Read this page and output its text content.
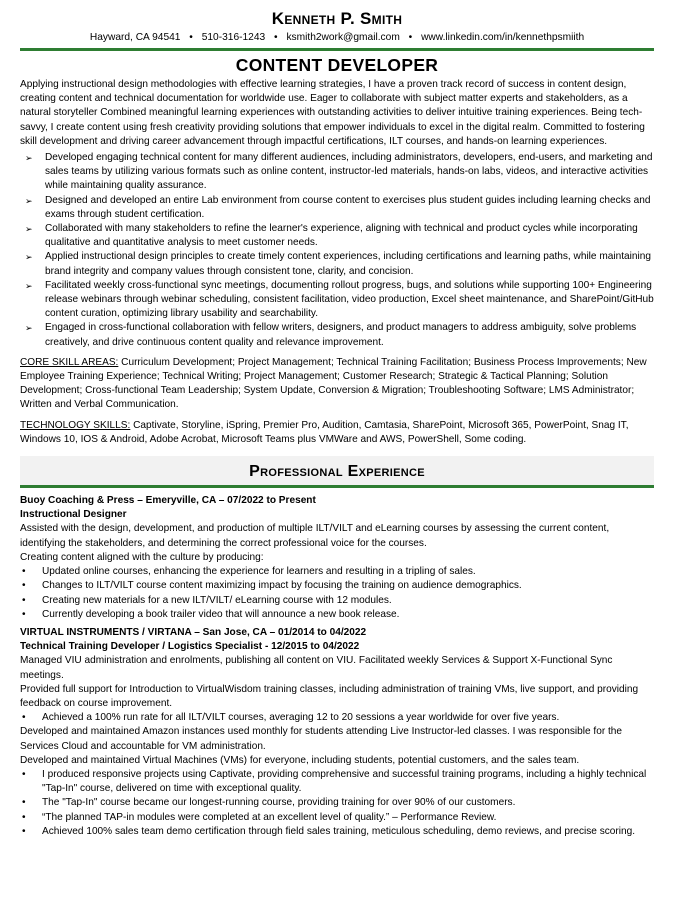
Kenneth P. Smith
Hayward, CA 94541 • 510-316-1243 • ksmith2work@gmail.com • www.linkedin.com/in/kennethpsmiith
CONTENT DEVELOPER
Applying instructional design methodologies with effective learning strategies, I have a proven track record of success in content design, creating content and technical documentation for worldwide use. Eager to collaborate with subject matter experts and stakeholders, as a natural storyteller Combined meaningful learning experiences with outstanding activities to deliver intuitive training experiences. Being tech-savvy, I create content using fresh creativity providing solutions that empower individuals to excel in the digital realm. Committed to fostering skill development and driving career advancement through impactful certifications, ILT courses, and hands-on learning experiences.
➢ Developed engaging technical content for many different audiences, including administrators, developers, end-users, and marketing and sales teams by utilizing various formats such as online content, instructor-led materials, hands-on labs, videos, and interactive activities while maintaining quality assurance.
➢ Designed and developed an entire Lab environment from course content to exercises plus student guides including learning checks and exams through student certification.
➢ Collaborated with many stakeholders to refine the learner's experience, aligning with technical and product cycles while incorporating qualitative and quantitative analysis to meet customer needs.
➢ Applied instructional design principles to create timely content experiences, including certifications and learning paths, while maintaining brand integrity and company values through consistent tone, clarity, and concision.
➢ Facilitated weekly cross-functional sync meetings, documenting rollout progress, bugs, and solutions while supporting 100+ Engineering release webinars through webinar scheduling, consistent facilitation, video production, Excel sheet maintenance, and SharePoint/GitHub content curation, optimizing library usability and searchability.
➢ Engaged in cross-functional collaboration with fellow writers, designers, and product managers to address ambiguity, solve problems creatively, and drive continuous content quality and relevance improvement.
CORE SKILL AREAS: Curriculum Development; Project Management; Technical Training Facilitation; Business Process Improvements; New Employee Training Experience; Technical Writing; Project Management; Customer Research; Strategic & Tactical Planning; Solution Development; Cross-functional Team Leadership; System Update, Conversion & Migration; Troubleshooting Software; LMS Administrator; Written and Verbal Communication.
TECHNOLOGY SKILLS: Captivate, Storyline, iSpring, Premier Pro, Audition, Camtasia, SharePoint, Microsoft 365, PowerPoint, Snag IT, Windows 10, IOS & Android, Adobe Acrobat, Microsoft Teams plus VMWare and AWS, PowerShell, Some coding.
Professional Experience
Buoy Coaching & Press – Emeryville, CA – 07/2022 to Present
Instructional Designer
Assisted with the design, development, and production of multiple ILT/VILT and eLearning courses by assessing the current content, identifying the stakeholders, and determining the correct professional voice for the courses.
Creating content aligned with the culture by producing:
• Updated online courses, enhancing the experience for learners and resulting in a tripling of sales.
• Changes to ILT/VILT course content maximizing impact by focusing the training on audience demographics.
• Creating new materials for a new ILT/VILT/ eLearning course with 12 modules.
• Currently developing a book trailer video that will announce a new book release.
VIRTUAL INSTRUMENTS / VIRTANA – San Jose, CA – 01/2014 to 04/2022
Technical Training Developer / Logistics Specialist - 12/2015 to 04/2022
Managed VIU administration and enrolments, publishing all content on VIU. Facilitated weekly Services & Support X-Functional Sync meetings.
Provided full support for Introduction to VirtualWisdom training classes, including administration of training VMs, live support, and providing feedback on course improvement.
• Achieved a 100% run rate for all ILT/VILT courses, averaging 12 to 20 sessions a year worldwide for over five years.
Developed and maintained Amazon instances used monthly for students attending Live Instructor-led classes. I was responsible for the Services Cloud and accountable for VM administration.
Developed and maintained Virtual Machines (VMs) for everyone, including students, potential customers, and the sales team.
• I produced responsive projects using Captivate, providing comprehensive and successful training programs, including a highly technical "Tap-In" course, delivered on time with exceptional quality.
• The "Tap-In" course became our longest-running course, providing training for over 90% of our customers.
• “The planned TAP-in modules were completed at an excellent level of quality.” – Performance Review.
• Achieved 100% sales team demo certification through field sales training, meticulous scheduling, demo reviews, and precise scoring.
